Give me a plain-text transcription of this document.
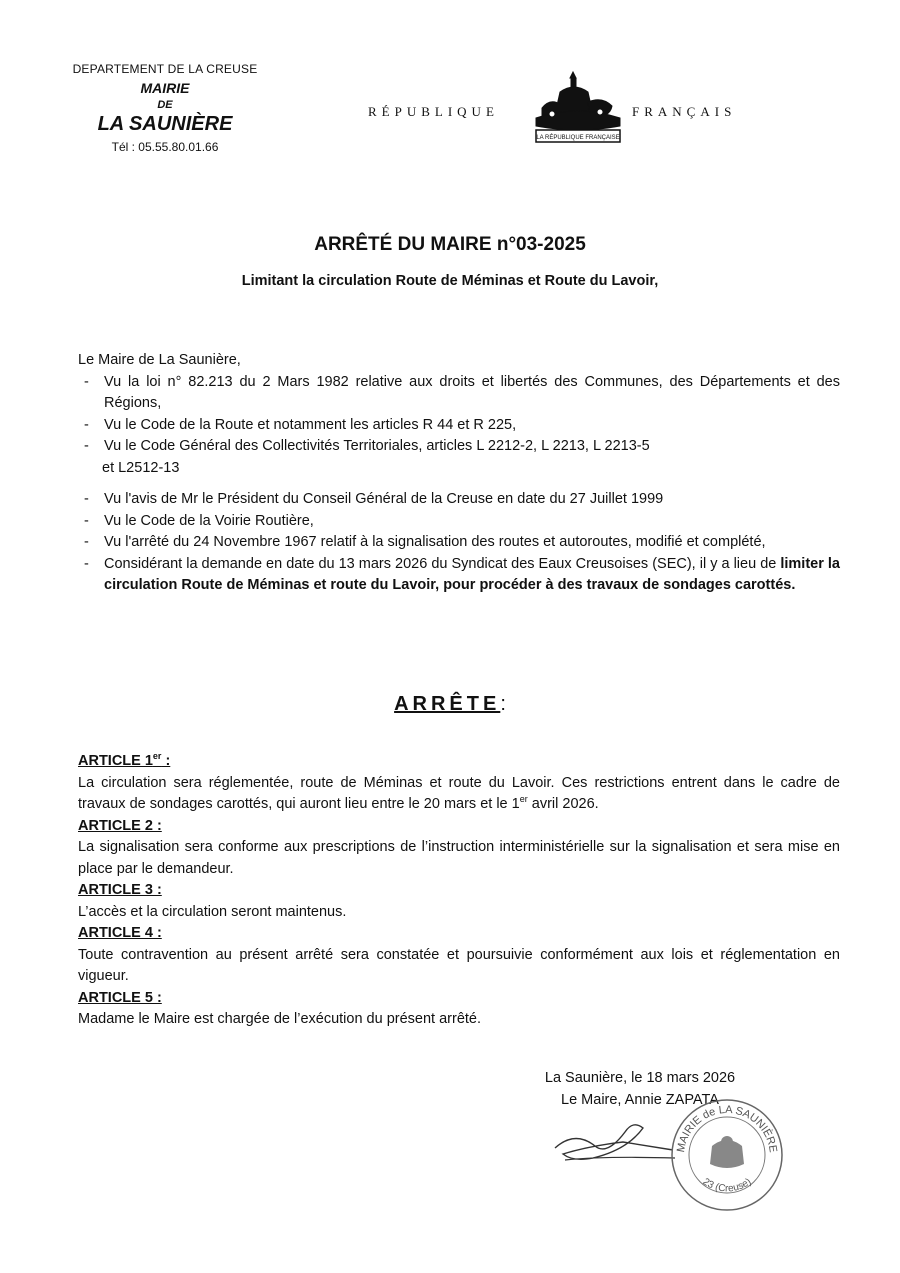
DEPARTEMENT DE LA CREUSE
MAIRIE
DE
LA SAUNIÈRE
Tél : 05.55.80.01.66
RÉPUBLIQUE
LA RÉPUBLIQUE FRANÇAISE
FRANÇAIS
ARRÊTÉ DU MAIRE n°03-2025
Limitant la circulation Route de Méminas et Route du Lavoir,
Le Maire de La Saunière,
- Vu la loi n° 82.213 du 2 Mars 1982 relative aux droits et libertés des Communes, des Départements et des Régions,
- Vu le Code de la Route et notamment les articles R 44 et R 225,
- Vu le Code Général des Collectivités Territoriales, articles L 2212-2, L 2213, L 2213-5
et L2512-13
- Vu l'avis de Mr le Président du Conseil Général de la Creuse en date du 27 Juillet 1999
- Vu le Code de la Voirie Routière,
- Vu l'arrêté du 24 Novembre 1967 relatif à la signalisation des routes et autoroutes, modifié et complété,
- Considérant la demande en date du 13 mars 2026 du Syndicat des Eaux Creusoises (SEC), il y a lieu de limiter la circulation Route de Méminas et route du Lavoir, pour procéder à des travaux de sondages carottés.
ARRÊTE:
ARTICLE 1er :
La circulation sera réglementée, route de Méminas et route du Lavoir. Ces restrictions entrent dans le cadre de travaux de sondages carottés, qui auront lieu entre le 20 mars et le 1er avril 2026.
ARTICLE 2 :
La signalisation sera conforme aux prescriptions de l’instruction interministérielle sur la signalisation et sera mise en place par le demandeur.
ARTICLE 3 :
L’accès et la circulation seront maintenus.
ARTICLE 4 :
Toute contravention au présent arrêté sera constatée et poursuivie conformément aux lois et réglementation en vigueur.
ARTICLE 5 :
Madame le Maire est chargée de l’exécution du présent arrêté.
La Saunière, le 18 mars 2026
Le Maire, Annie ZAPATA
MAIRIE de LA SAUNIÈRE
23 (Creuse)
